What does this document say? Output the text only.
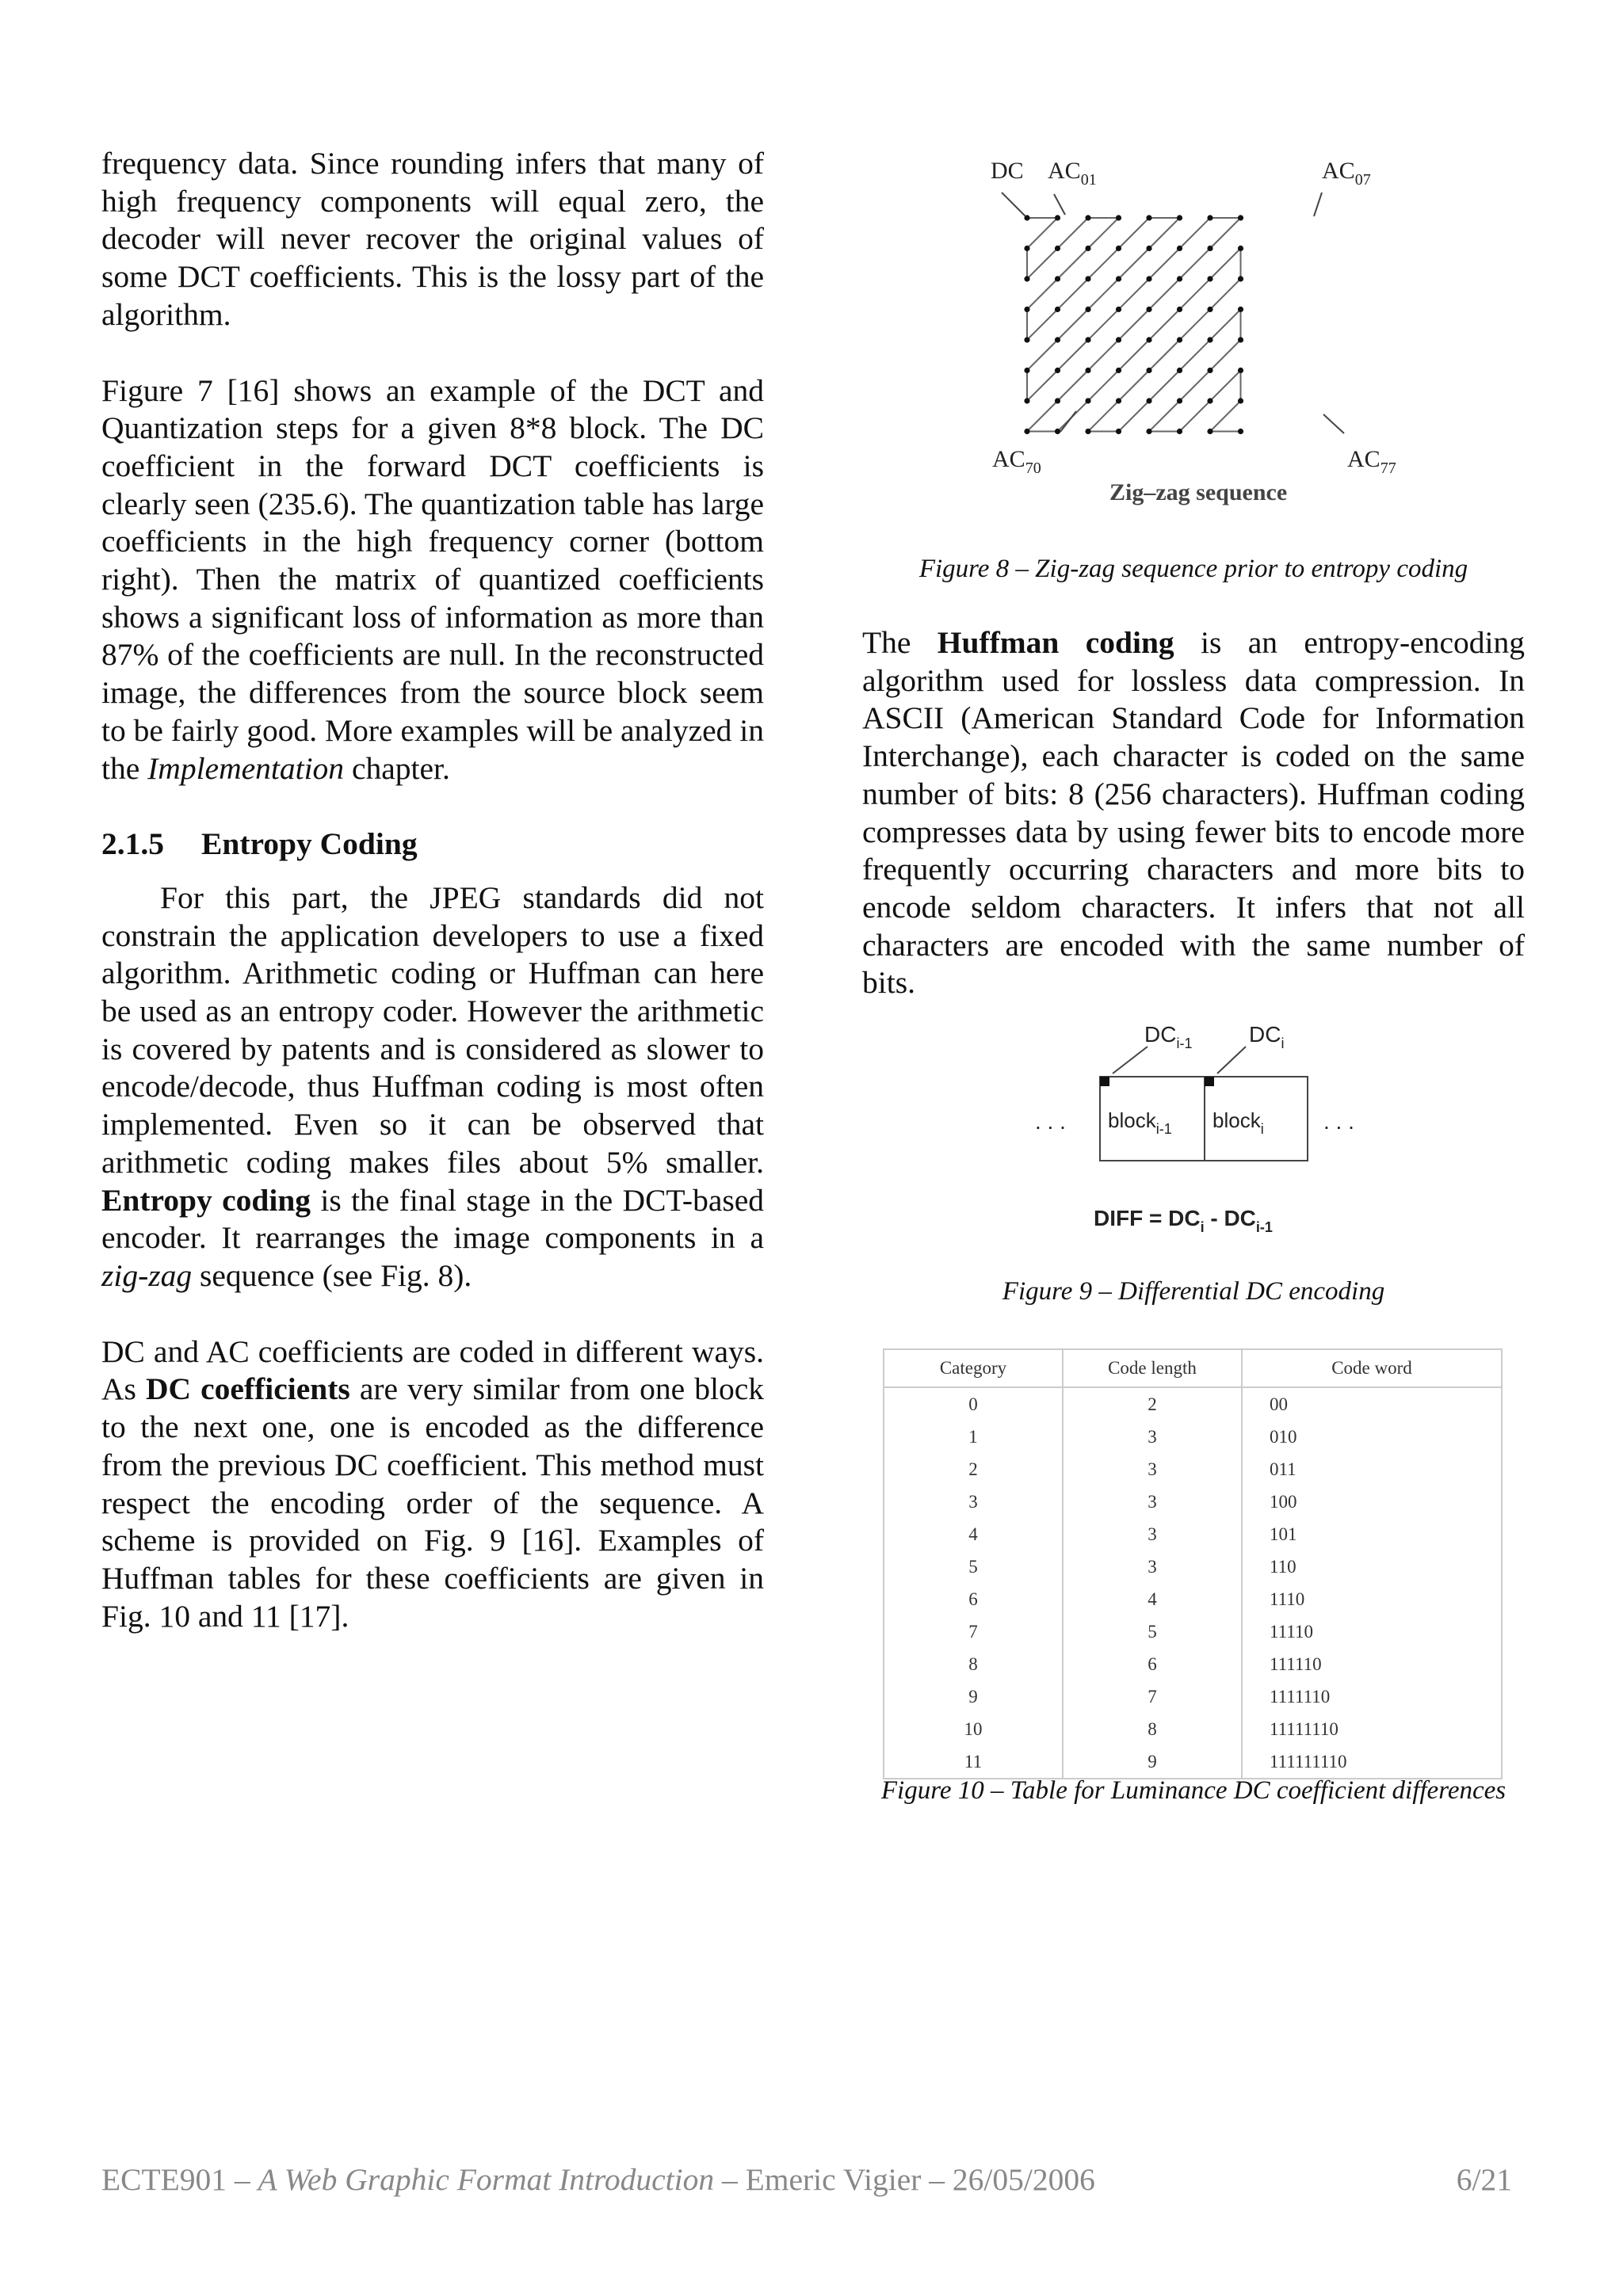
frequency data. Since rounding infers that many of high frequency components will equal zero, the decoder will never recover the original values of some DCT coefficients. This is the lossy part of the algorithm.

Figure 7 [16] shows an example of the DCT and Quantization steps for a given 8*8 block. The DC coefficient in the forward DCT coefficients is clearly seen (235.6). The quantization table has large coefficients in the high frequency corner (bottom right). Then the matrix of quantized coefficients shows a significant loss of information as more than 87% of the coefficients are null. In the reconstructed image, the differences from the source block seem to be fairly good. More examples will be analyzed in the Implementation chapter.

2.1.5 Entropy Coding

For this part, the JPEG standards did not constrain the application developers to use a fixed algorithm. Arithmetic coding or Huffman can here be used as an entropy coder. However the arithmetic is covered by patents and is considered as slower to encode/decode, thus Huffman coding is most often implemented. Even so it can be observed that arithmetic coding makes files about 5% smaller. Entropy coding is the final stage in the DCT-based encoder. It rearranges the image components in a zig-zag sequence (see Fig. 8).

DC and AC coefficients are coded in different ways. As DC coefficients are very similar from one block to the next one, one is encoded as the difference from the previous DC coefficient. This method must respect the encoding order of the sequence. A scheme is provided on Fig. 9 [16]. Examples of Huffman tables for these coefficients are given in Fig. 10 and 11 [17].

DC $AC_{01}$	$AC_{07}$
$AC_{70}$	$AC_{77}$
Zig–zag sequence

Figure 8 – Zig-zag sequence prior to entropy coding

The Huffman coding is an entropy-encoding algorithm used for lossless data compression. In ASCII (American Standard Code for Information Interchange), each character is coded on the same number of bits: 8 (256 characters). Huffman coding compresses data by using fewer bits to encode more frequently occurring characters and more bits to encode seldom characters. It infers that not all characters are encoded with the same number of bits.

$DC_{i-1}$	$DC_i$
block$_{i-1}$ block$_i$
. . .	. . .
DIFF = $DC_i - DC_{i-1}$

Figure 9 – Differential DC encoding

Category	Code length	Code word
0	2	00
1	3	010
2	3	011
3	3	100
4	3	101
5	3	110
6	4	1110
7	5	11110
8	6	111110
9	7	1111110
10	8	11111110
11	9	111111110

Figure 10 – Table for Luminance DC coefficient differences

ECTE901 – A Web Graphic Format Introduction – Emeric Vigier – 26/05/2006	6/21
